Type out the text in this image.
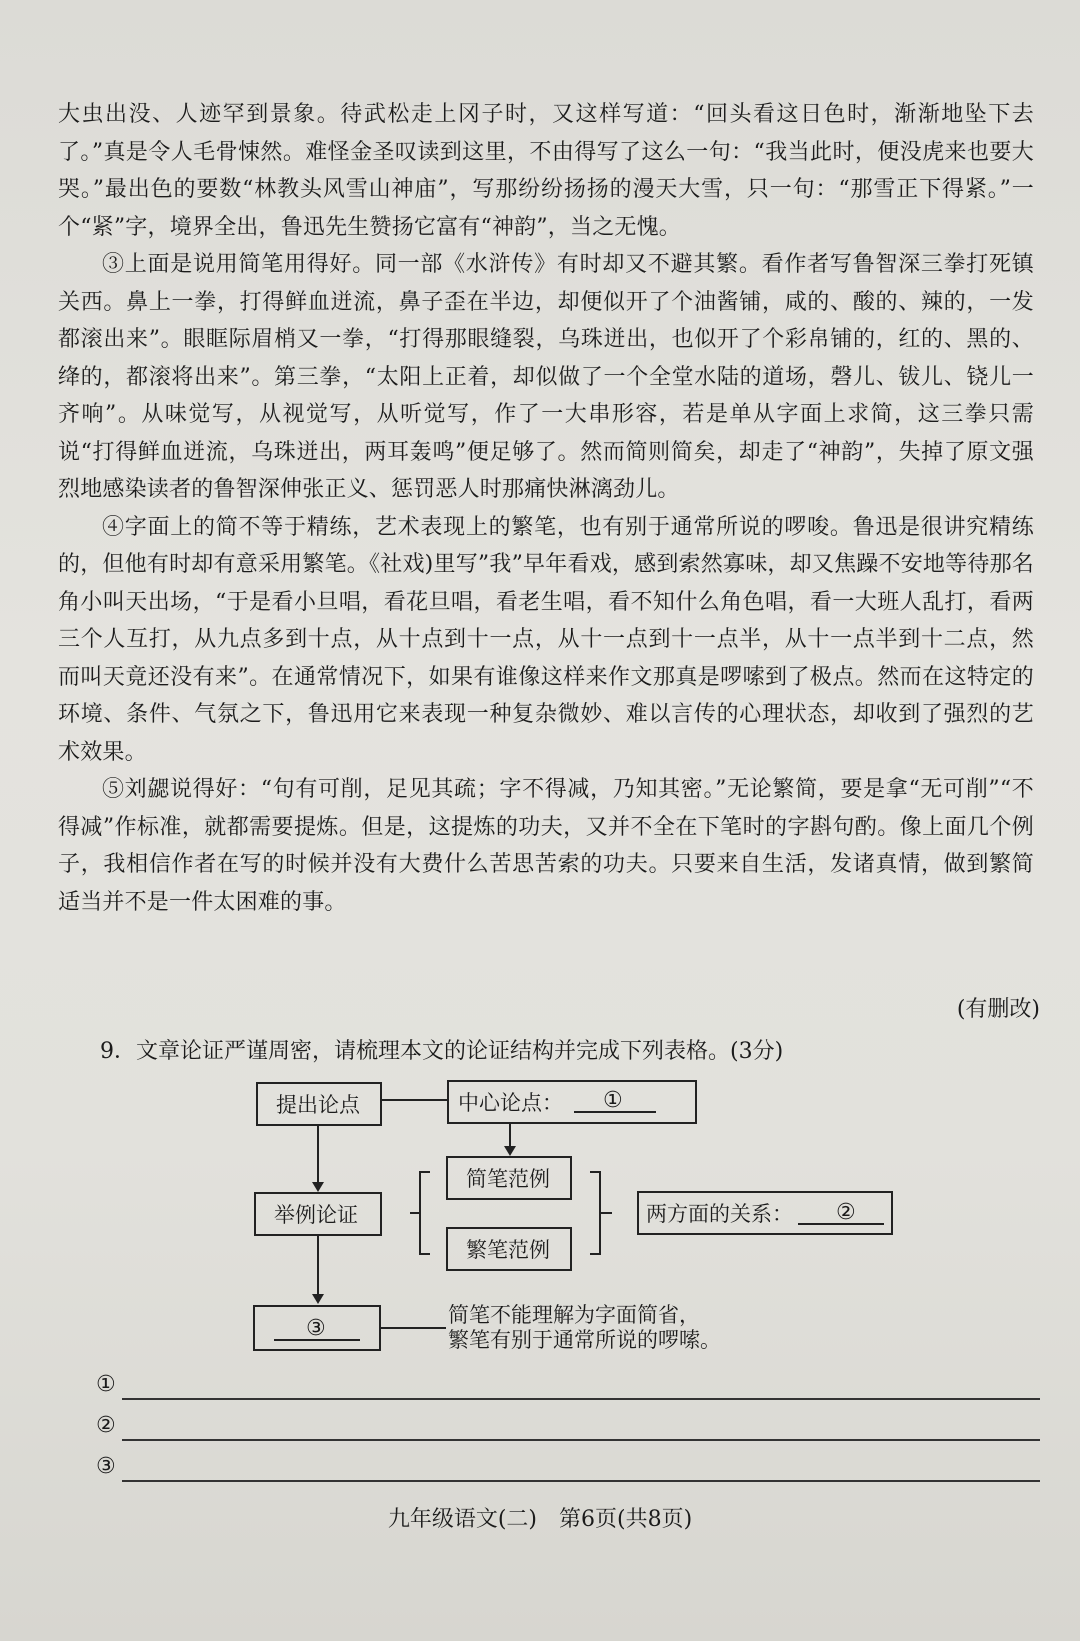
大虫出没、人迹罕到景象。待武松走上冈子时，又这样写道：“回头看这日色时，渐渐地坠下去了。”真是令人毛骨悚然。难怪金圣叹读到这里，不由得写了这么一句：“我当此时，便没虎来也要大哭。”最出色的要数“林教头风雪山神庙”，写那纷纷扬扬的漫天大雪，只一句：“那雪正下得紧。”一个“紧”字，境界全出，鲁迅先生赞扬它富有“神韵”，当之无愧。

③上面是说用简笔用得好。同一部《水浒传》有时却又不避其繁。看作者写鲁智深三拳打死镇关西。鼻上一拳，打得鲜血迸流，鼻子歪在半边，却便似开了个油酱铺，咸的、酸的、辣的，一发都滚出来”。眼眶际眉梢又一拳，“打得那眼缝裂，乌珠迸出，也似开了个彩帛铺的，红的、黑的、绛的，都滚将出来”。第三拳，“太阳上正着，却似做了一个全堂水陆的道场，磬儿、钹儿、铙儿一齐响”。从味觉写，从视觉写，从听觉写，作了一大串形容，若是单从字面上求简，这三拳只需说“打得鲜血迸流，乌珠迸出，两耳轰鸣”便足够了。然而简则简矣，却走了“神韵”，失掉了原文强烈地感染读者的鲁智深伸张正义、惩罚恶人时那痛快淋漓劲儿。

④字面上的简不等于精练，艺术表现上的繁笔，也有别于通常所说的啰唆。鲁迅是很讲究精练的，但他有时却有意采用繁笔。《社戏)里写”我”早年看戏，感到索然寡味，却又焦躁不安地等待那名角小叫天出场，“于是看小旦唱，看花旦唱，看老生唱，看不知什么角色唱，看一大班人乱打，看两三个人互打，从九点多到十点，从十点到十一点，从十一点到十一点半，从十一点半到十二点，然而叫天竟还没有来”。在通常情况下，如果有谁像这样来作文那真是啰嗦到了极点。然而在这特定的环境、条件、气氛之下，鲁迅用它来表现一种复杂微妙、难以言传的心理状态，却收到了强烈的艺术效果。

⑤刘勰说得好：“句有可削，足见其疏；字不得减，乃知其密。”无论繁简，要是拿“无可削”“不得减”作标准，就都需要提炼。但是，这提炼的功夫，又并不全在下笔时的字斟句酌。像上面几个例子，我相信作者在写的时候并没有大费什么苦思苦索的功夫。只要来自生活，发诸真情，做到繁简适当并不是一件太困难的事。

(有删改)
9．文章论证严谨周密，请梳理本文的论证结构并完成下列表格。(3分)
提出论点	中心论点： ①
简笔范例
繁笔范例
举例论证	两方面的关系： ②
③
简笔不能理解为字面简省，
繁笔有别于通常所说的啰嗦。
①
②
③
九年级语文(二)　第6页(共8页)
